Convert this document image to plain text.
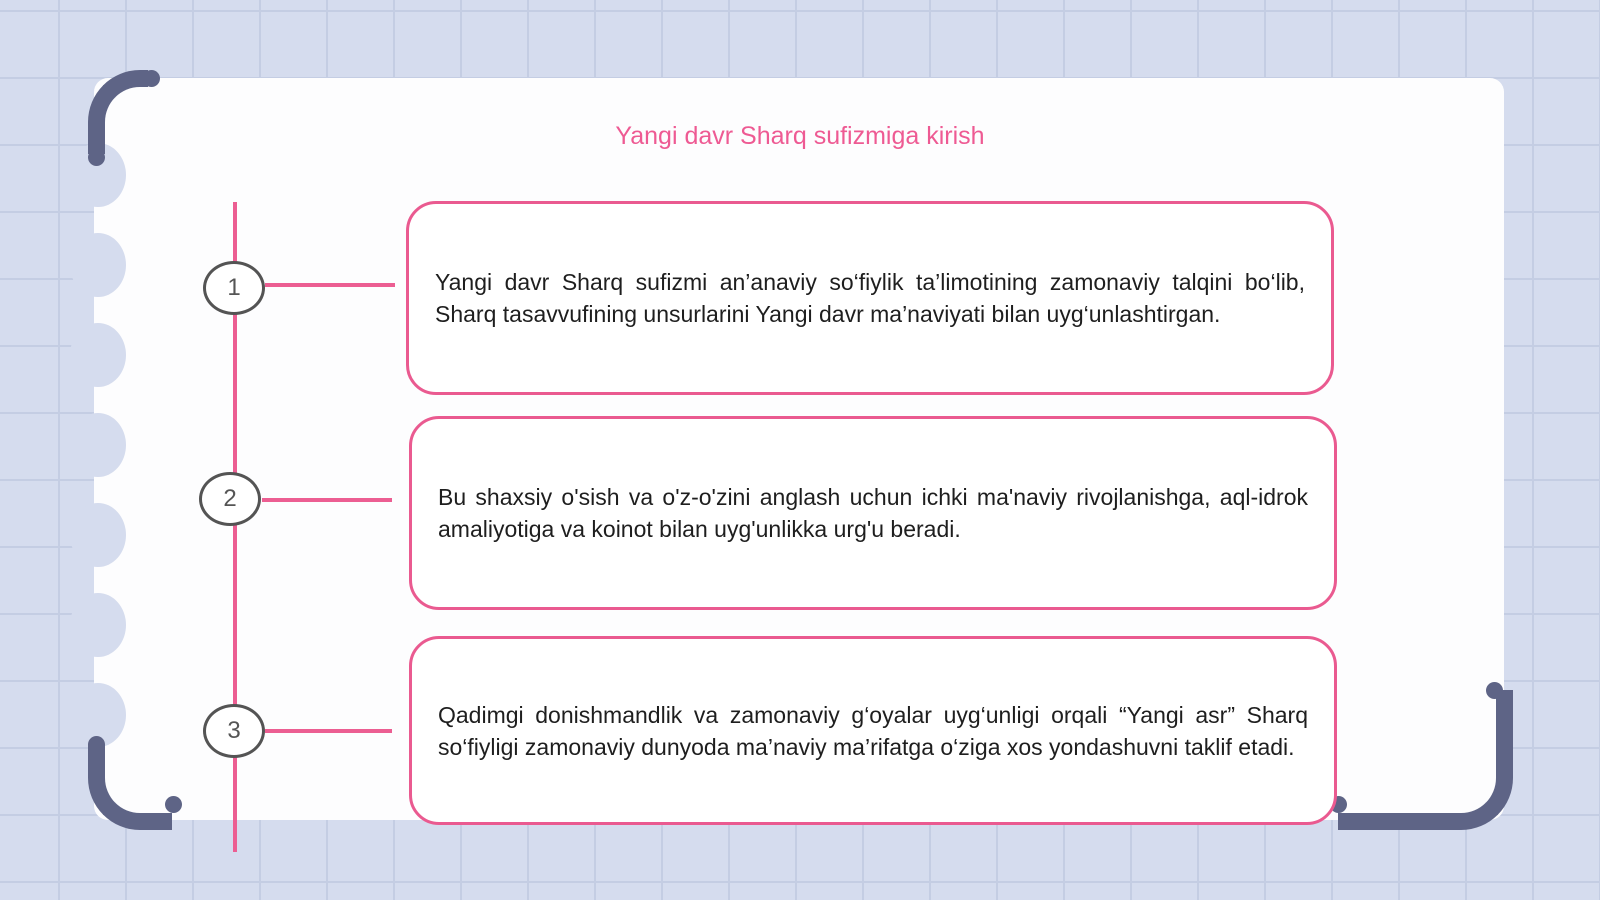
Yangi davr Sharq sufizmiga kirish
1
2
3

Yangi davr Sharq sufizmi an’anaviy so‘fiylik ta’limotining zamonaviy talqini bo‘lib, Sharq tasavvufining unsurlarini Yangi davr ma’naviyati bilan uyg‘unlashtirgan.

Bu shaxsiy o'sish va o'z-o'zini anglash uchun ichki ma'naviy rivojlanishga, aql-idrok amaliyotiga va koinot bilan uyg'unlikka urg'u beradi.

Qadimgi donishmandlik va zamonaviy g‘oyalar uyg‘unligi orqali “Yangi asr” Sharq so‘fiyligi zamonaviy dunyoda ma’naviy ma’rifatga o‘ziga xos yondashuvni taklif etadi.
